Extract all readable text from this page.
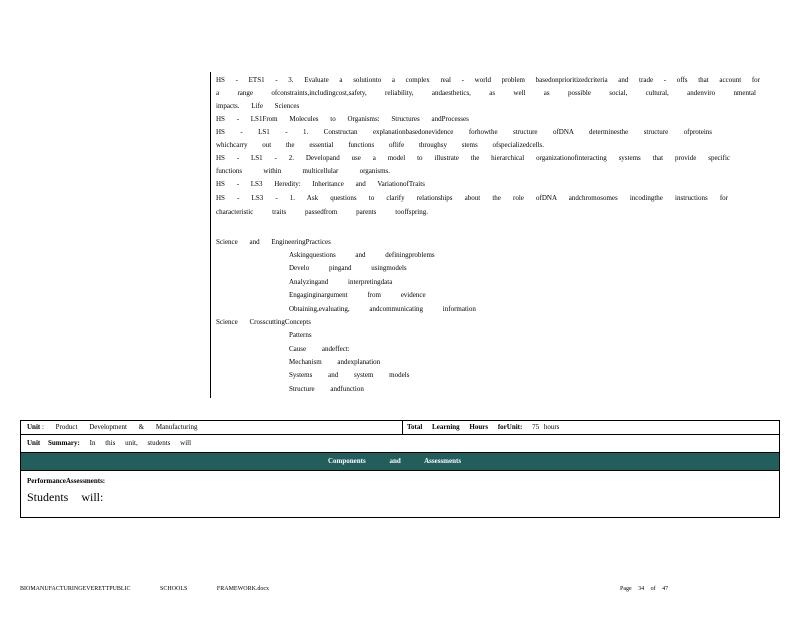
HS - ETS1 - 3. Evaluate a solutionto a complex real - world problem basedonprioritizedcriteria and trade - offs that account for
a range ofconstraints,includingcost,safety, reliability, andaesthetics, as well as possible social, cultural, andenviro nmental
impacts. Life Sciences
HS - LS1From Molecules to Organisms: Structures andProcesses
HS - LS1 - 1. Constructan explanationbasedonevidence forhowthe structure ofDNA determinesthe structure ofproteins
whichcarry out the essential functions oflife throughsy stems ofspecializedcells.
HS - LS1 - 2. Developand use a model to illustrate the hierarchical organizationofinteracting systems that provide specific
functions within multicellular organisms.
HS - LS3 Heredity: Inheritance and VariationofTraits
HS - LS3 - 1. Ask questions to clarify relationships about the role ofDNA andchromosomes incodingthe instructions for
characteristic traits passedfrom parents tooffspring.
Science and EngineeringPractices
Askingquestions and definingproblems
Develo pingand usingmodels
Analyzingand interpretingdata
Engaginginargument from evidence
Obtaining,evaluating, andcommunicating information
Science CrosscuttingConcepts
Patterns
Cause andeffect:
Mechanism andexplanation
Systems and system models
Structure andfunction
Unit : Product Development & Manufacturing	Total Learning Hours forUnit: 75 hours
Unit Summary: In this unit, students will
Components and Assessments
PerformanceAssessments:
Students will:
BIOMANUFACTURINGEVERETTPUBLIC SCHOOLS FRAMEWORK.docx	Page 34 of 47
